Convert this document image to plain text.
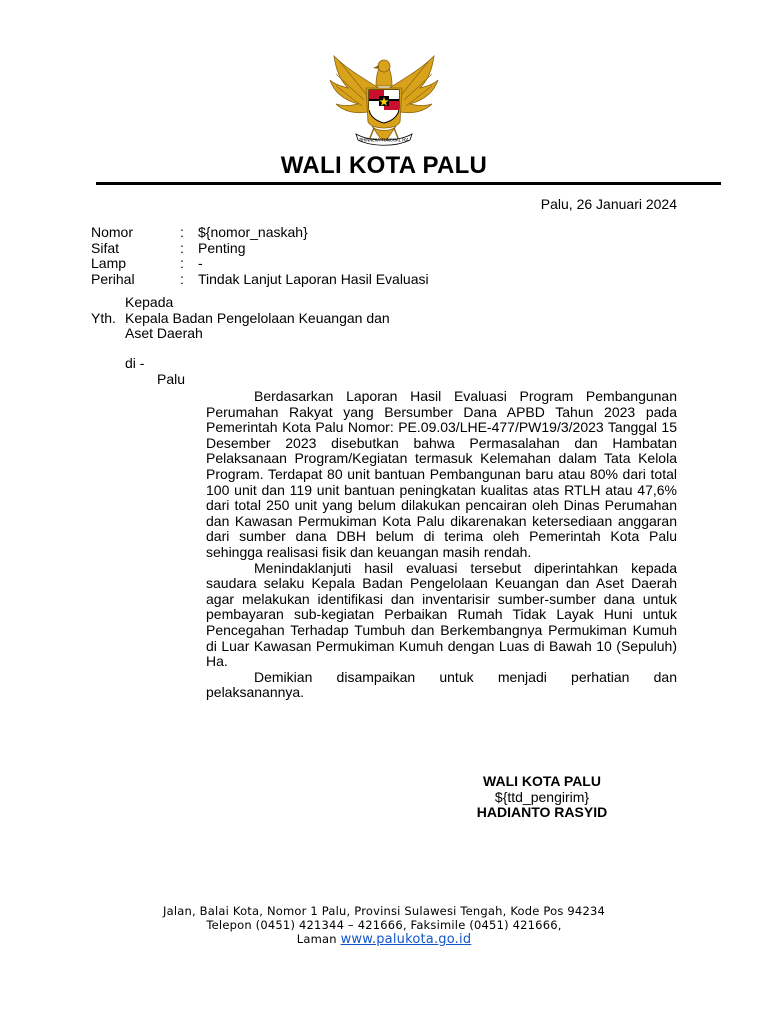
BHINNEKA TUNGGAL IKA
WALI KOTA PALU
Palu, 26 Januari 2024
Nomor	:	${nomor_naskah}
Sifat	:	Penting
Lamp	:	-
Perihal	:	Tindak Lanjut Laporan Hasil Evaluasi
Kepada
Yth. Kepala Badan Pengelolaan Keuangan dan
Aset Daerah
di -
Palu

Berdasarkan Laporan Hasil Evaluasi Program Pembangunan Perumahan Rakyat yang Bersumber Dana APBD Tahun 2023 pada Pemerintah Kota Palu Nomor: PE.09.03/LHE-477/PW19/3/2023 Tanggal 15 Desember 2023 disebutkan bahwa Permasalahan dan Hambatan Pelaksanaan Program/Kegiatan termasuk Kelemahan dalam Tata Kelola Program. Terdapat 80 unit bantuan Pembangunan baru atau 80% dari total 100 unit dan 119 unit bantuan peningkatan kualitas atas RTLH atau 47,6% dari total 250 unit yang belum dilakukan pencairan oleh Dinas Perumahan dan Kawasan Permukiman Kota Palu dikarenakan ketersediaan anggaran dari sumber dana DBH belum di terima oleh Pemerintah Kota Palu sehingga realisasi fisik dan keuangan masih rendah.

Menindaklanjuti hasil evaluasi tersebut diperintahkan kepada saudara selaku Kepala Badan Pengelolaan Keuangan dan Aset Daerah agar melakukan identifikasi dan inventarisir sumber-sumber dana untuk pembayaran sub-kegiatan Perbaikan Rumah Tidak Layak Huni untuk Pencegahan Terhadap Tumbuh dan Berkembangnya Permukiman Kumuh di Luar Kawasan Permukiman Kumuh dengan Luas di Bawah 10 (Sepuluh) Ha.

Demikian disampaikan untuk menjadi perhatian dan pelaksanannya.

WALI KOTA PALU
${ttd_pengirim}
HADIANTO RASYID
Jalan, Balai Kota, Nomor 1 Palu, Provinsi Sulawesi Tengah, Kode Pos 94234
Telepon (0451) 421344 – 421666, Faksimile (0451) 421666,
Laman www.palukota.go.id
